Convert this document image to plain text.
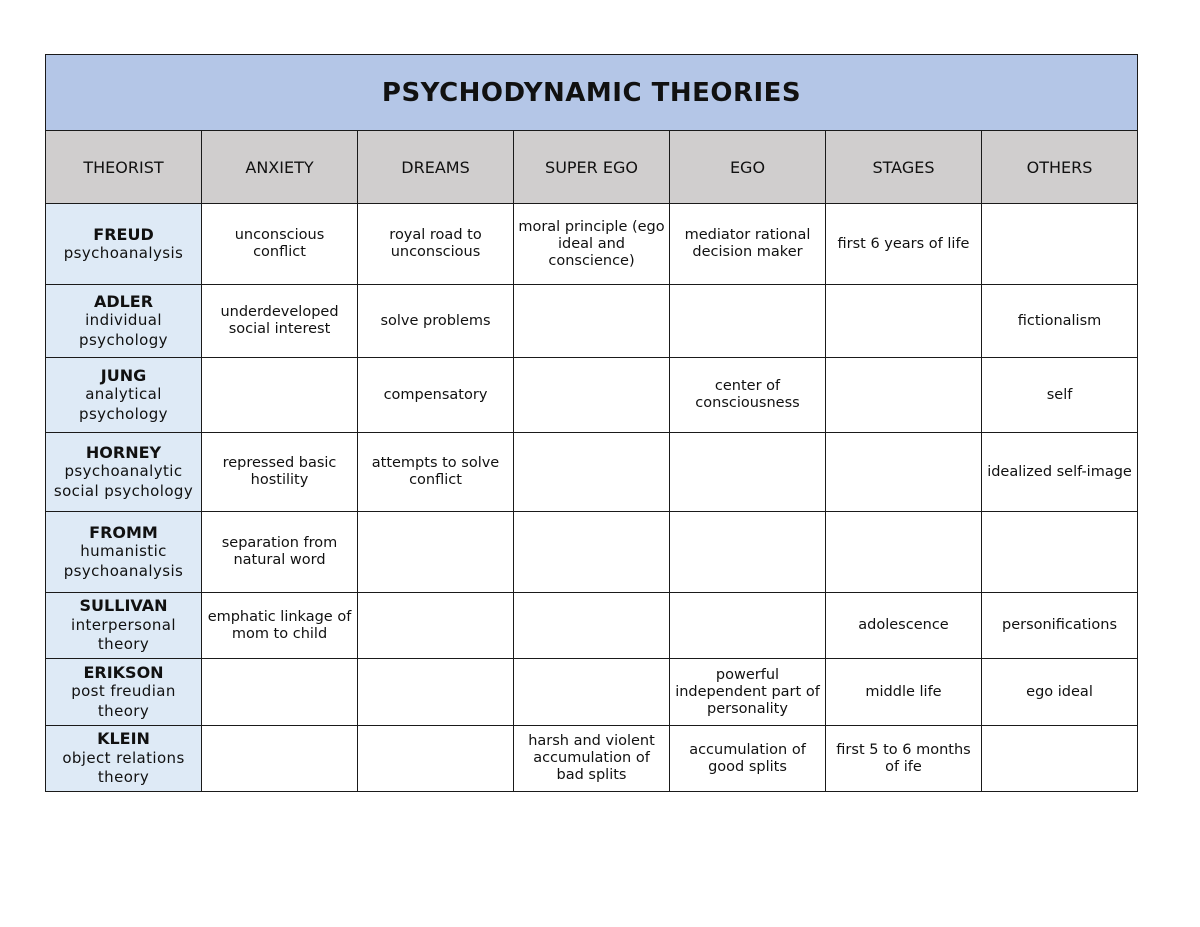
PSYCHODYNAMIC THEORIES						
THEORIST	ANXIETY	DREAMS	SUPER EGO	EGO	STAGES	OTHERS

FREUD
psychoanalysis	unconscious conflict	royal road to unconscious	moral principle (ego ideal and conscience)	mediator rational decision maker	first 6 years of life	

ADLER
individual psychology	underdeveloped social interest	solve problems				fictionalism

JUNG
analytical psychology		compensatory		center of consciousness		self

HORNEY
psychoanalytic social psychology	repressed basic hostility	attempts to solve conflict				idealized self-image

FROMM
humanistic psychoanalysis	separation from natural word					

SULLIVAN
interpersonal theory	emphatic linkage of mom to child				adolescence	personifications

ERIKSON
post freudian theory				powerful independent part of personality	middle life	ego ideal

KLEIN
object relations theory			harsh and violent accumulation of bad splits	accumulation of good splits	first 5 to 6 months of ife	
